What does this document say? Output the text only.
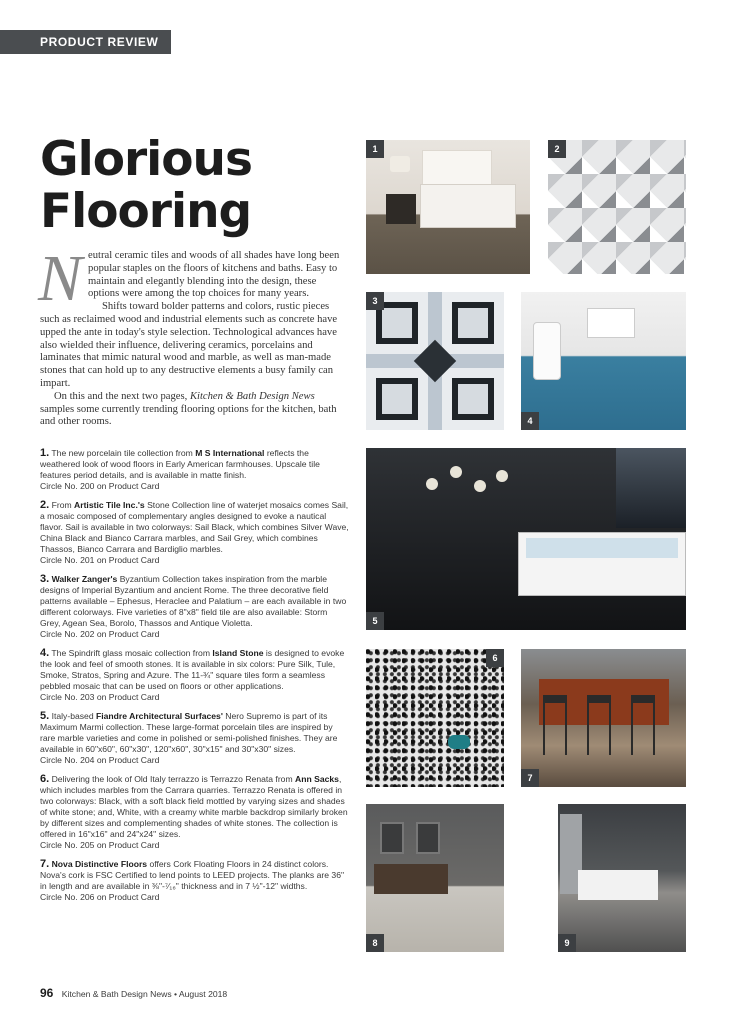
PRODUCT REVIEW
Glorious Flooring

Neutral ceramic tiles and woods of all shades have long been popular staples on the floors of kitchens and baths. Easy to maintain and elegantly blending into the design, these options were among the top choices for many years.

Shifts toward bolder patterns and colors, rustic pieces such as reclaimed wood and industrial elements such as concrete have upped the ante in today's style selection. Technological advances have also wielded their influence, delivering ceramics, porcelains and laminates that mimic natural wood and marble, as well as man-made stones that can hold up to any destructive elements a busy family can impart.

On this and the next two pages, Kitchen & Bath Design News samples some currently trending flooring options for the kitchen, bath and other rooms.

1. The new porcelain tile collection from M S International reflects the weathered look of wood floors in Early American farmhouses. Upscale tile features period details, and is available in matte finish.
Circle No. 200 on Product Card
2. From Artistic Tile Inc.'s Stone Collection line of waterjet mosaics comes Sail, a mosaic composed of complementary angles designed to evoke a nautical flavor. Sail is available in two colorways: Sail Black, which combines Silver Wave, China Black and Bianco Carrara marbles, and Sail Grey, which combines Thassos, Bianco Carrara and Bardiglio marbles.
Circle No. 201 on Product Card
3. Walker Zanger's Byzantium Collection takes inspiration from the marble designs of Imperial Byzantium and ancient Rome. The three decorative field patterns available – Ephesus, Heraclee and Palatium – are each available in two different colorways. Five varieties of 8"x8" field tile are also available: Storm Grey, Agean Sea, Borolo, Thassos and Antique Violetta.
Circle No. 202 on Product Card
4. The Spindrift glass mosaic collection from Island Stone is designed to evoke the look and feel of smooth stones. It is available in six colors: Pure Silk, Tule, Smoke, Stratos, Spring and Azure. The 11-¾" square tiles form a seamless pebbled mosaic that can be used on floors or other applications.
Circle No. 203 on Product Card
5. Italy-based Fiandre Architectural Surfaces' Nero Supremo is part of its Maximum Marmi collection. These large-format porcelain tiles are inspired by rare marble varieties and come in polished or semi-polished finishes. They are available in 60"x60", 60"x30", 120"x60", 30"x15" and 30"x30" sizes.
Circle No. 204 on Product Card
6. Delivering the look of Old Italy terrazzo is Terrazzo Renata from Ann Sacks, which includes marbles from the Carrara quarries. Terrazzo Renata is offered in two colorways: Black, with a soft black field mottled by varying sizes and shades of white stone; and, White, with a creamy white marble backdrop similarly broken by different sizes and complementing shades of white stones. The collection is offered in 16"x16" and 24"x24" sizes.
Circle No. 205 on Product Card
7. Nova Distinctive Floors offers Cork Floating Floors in 24 distinct colors. Nova's cork is FSC Certified to lend points to LEED projects. The planks are 36" in length and are available in ⅜"-⁷⁄₁₆" thickness and in 7 ½"-12" widths.
Circle No. 206 on Product Card
1	2
3
4
5
6
7
8	9
96 Kitchen & Bath Design News • August 2018
